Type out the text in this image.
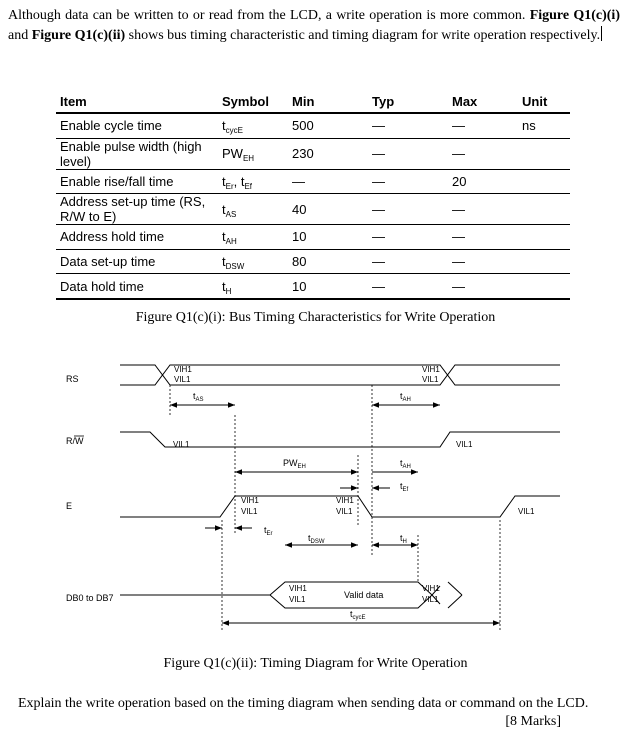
Although data can be written to or read from the LCD, a write operation is more common. Figure Q1(c)(i) and Figure Q1(c)(ii) shows bus timing characteristic and timing diagram for write operation respectively.
Item	Symbol	Min	Typ	Max	Unit
Enable cycle time	$t_{cycE}$	500	—	—	ns
Enable pulse width (high level)	$PW_{EH}$	230	—	—	
Enable rise/fall time	$t_{Er}$, $t_{Ef}$	—	—	20	
Address set-up time (RS, R/W to E)	$t_{AS}$	40	—	—	
Address hold time	$t_{AH}$	10	—	—	
Data set-up time	$t_{DSW}$	80	—	—	
Data hold time	$t_H$	10	—	—	
Figure Q1(c)(i): Bus Timing Characteristics for Write Operation
RS
R/W
E
DB0 to DB7
VIH1
VIL1
VIH1
VIL1
VIL1	VIL1
VIH1
VIL1
VIH1
VIL1	VIL1
VIH1
VIL1
VIH1
VIL1
$t_{AS}$	$t_{AH}$
$PW_{EH}$	$t_{AH}$
$t_{Ef}$
$t_{Er}$	$t_{DSW}$	$t_H$
$t_{cycE}$
Valid data
Figure Q1(c)(ii): Timing Diagram for Write Operation
Explain the write operation based on the timing diagram when sending data or command on the LCD.
[8 Marks]
